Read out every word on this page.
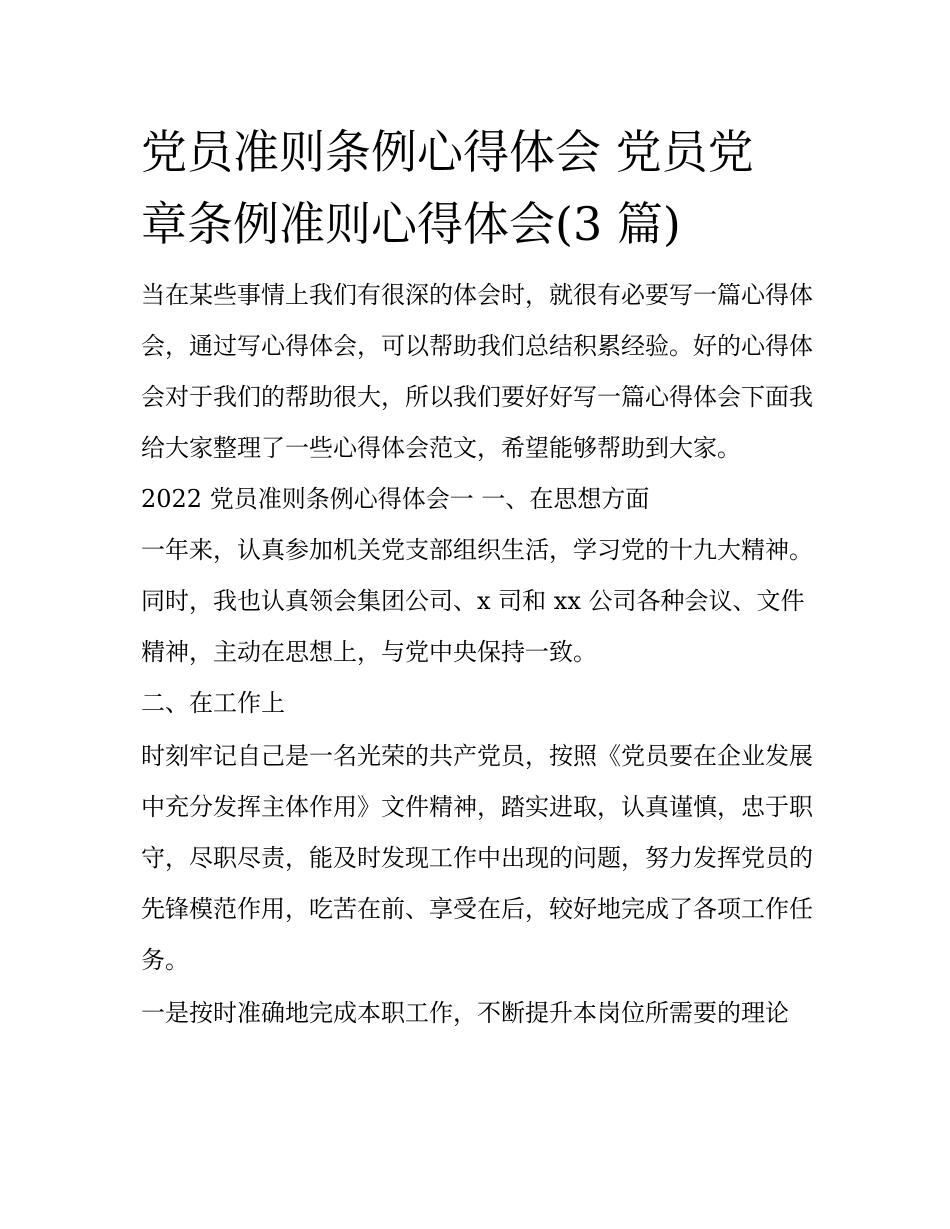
党员准则条例心得体会 党员党
章条例准则心得体会(3 篇)

当在某些事情上我们有很深的体会时，就很有必要写一篇心得体会，通过写心得体会，可以帮助我们总结积累经验。好的心得体会对于我们的帮助很大，所以我们要好好写一篇心得体会下面我给大家整理了一些心得体会范文，希望能够帮助到大家。

2022 党员准则条例心得体会一 一、在思想方面

一年来，认真参加机关党支部组织生活，学习党的十九大精神。同时，我也认真领会集团公司、x 司和 xx 公司各种会议、文件精神，主动在思想上，与党中央保持一致。

二、在工作上

时刻牢记自己是一名光荣的共产党员，按照《党员要在企业发展中充分发挥主体作用》文件精神，踏实进取，认真谨慎，忠于职守，尽职尽责，能及时发现工作中出现的问题，努力发挥党员的先锋模范作用，吃苦在前、享受在后，较好地完成了各项工作任务。

一是按时准确地完成本职工作，不断提升本岗位所需要的理论
